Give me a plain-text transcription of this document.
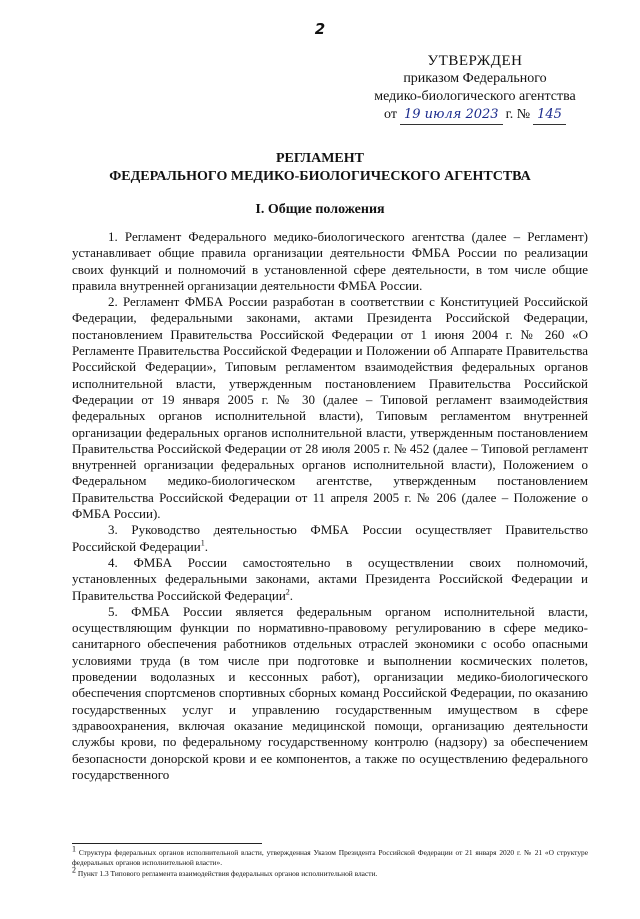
2
УТВЕРЖДЕН
приказом Федерального
медико-биологического агентства
от 19 июля 2023 г. № 145
РЕГЛАМЕНТ
ФЕДЕРАЛЬНОГО МЕДИКО-БИОЛОГИЧЕСКОГО АГЕНТСТВА
I. Общие положения

1. Регламент Федерального медико-биологического агентства (далее – Регламент) устанавливает общие правила организации деятельности ФМБА России по реализации своих функций и полномочий в установленной сфере деятельности, в том числе общие правила внутренней организации деятельности ФМБА России.

2. Регламент ФМБА России разработан в соответствии с Конституцией Российской Федерации, федеральными законами, актами Президента Российской Федерации, постановлением Правительства Российской Федерации от 1 июня 2004 г. № 260 «О Регламенте Правительства Российской Федерации и Положении об Аппарате Правительства Российской Федерации», Типовым регламентом взаимодействия федеральных органов исполнительной власти, утвержденным постановлением Правительства Российской Федерации от 19 января 2005 г. № 30 (далее – Типовой регламент взаимодействия федеральных органов исполнительной власти), Типовым регламентом внутренней организации федеральных органов исполнительной власти, утвержденным постановлением Правительства Российской Федерации от 28 июля 2005 г. № 452 (далее – Типовой регламент внутренней организации федеральных органов исполнительной власти), Положением о Федеральном медико-биологическом агентстве, утвержденным постановлением Правительства Российской Федерации от 11 апреля 2005 г. № 206 (далее – Положение о ФМБА России).

3. Руководство деятельностью ФМБА России осуществляет Правительство Российской Федерации$^1$.

4. ФМБА России самостоятельно в осуществлении своих полномочий, установленных федеральными законами, актами Президента Российской Федерации и Правительства Российской Федерации$^2$.

5. ФМБА России является федеральным органом исполнительной власти, осуществляющим функции по нормативно-правовому регулированию в сфере медико-санитарного обеспечения работников отдельных отраслей экономики с особо опасными условиями труда (в том числе при подготовке и выполнении космических полетов, проведении водолазных и кессонных работ), организации медико-биологического обеспечения спортсменов спортивных сборных команд Российской Федерации, по оказанию государственных услуг и управлению государственным имуществом в сфере здравоохранения, включая оказание медицинской помощи, организацию деятельности службы крови, по федеральному государственному контролю (надзору) за обеспечением безопасности донорской крови и ее компонентов, а также по осуществлению федерального государственного

$^1$ Структура федеральных органов исполнительной власти, утвержденная Указом Президента Российской Федерации от 21 января 2020 г. № 21 «О структуре федеральных органов исполнительной власти».

$^2$ Пункт 1.3 Типового регламента взаимодействия федеральных органов исполнительной власти.
